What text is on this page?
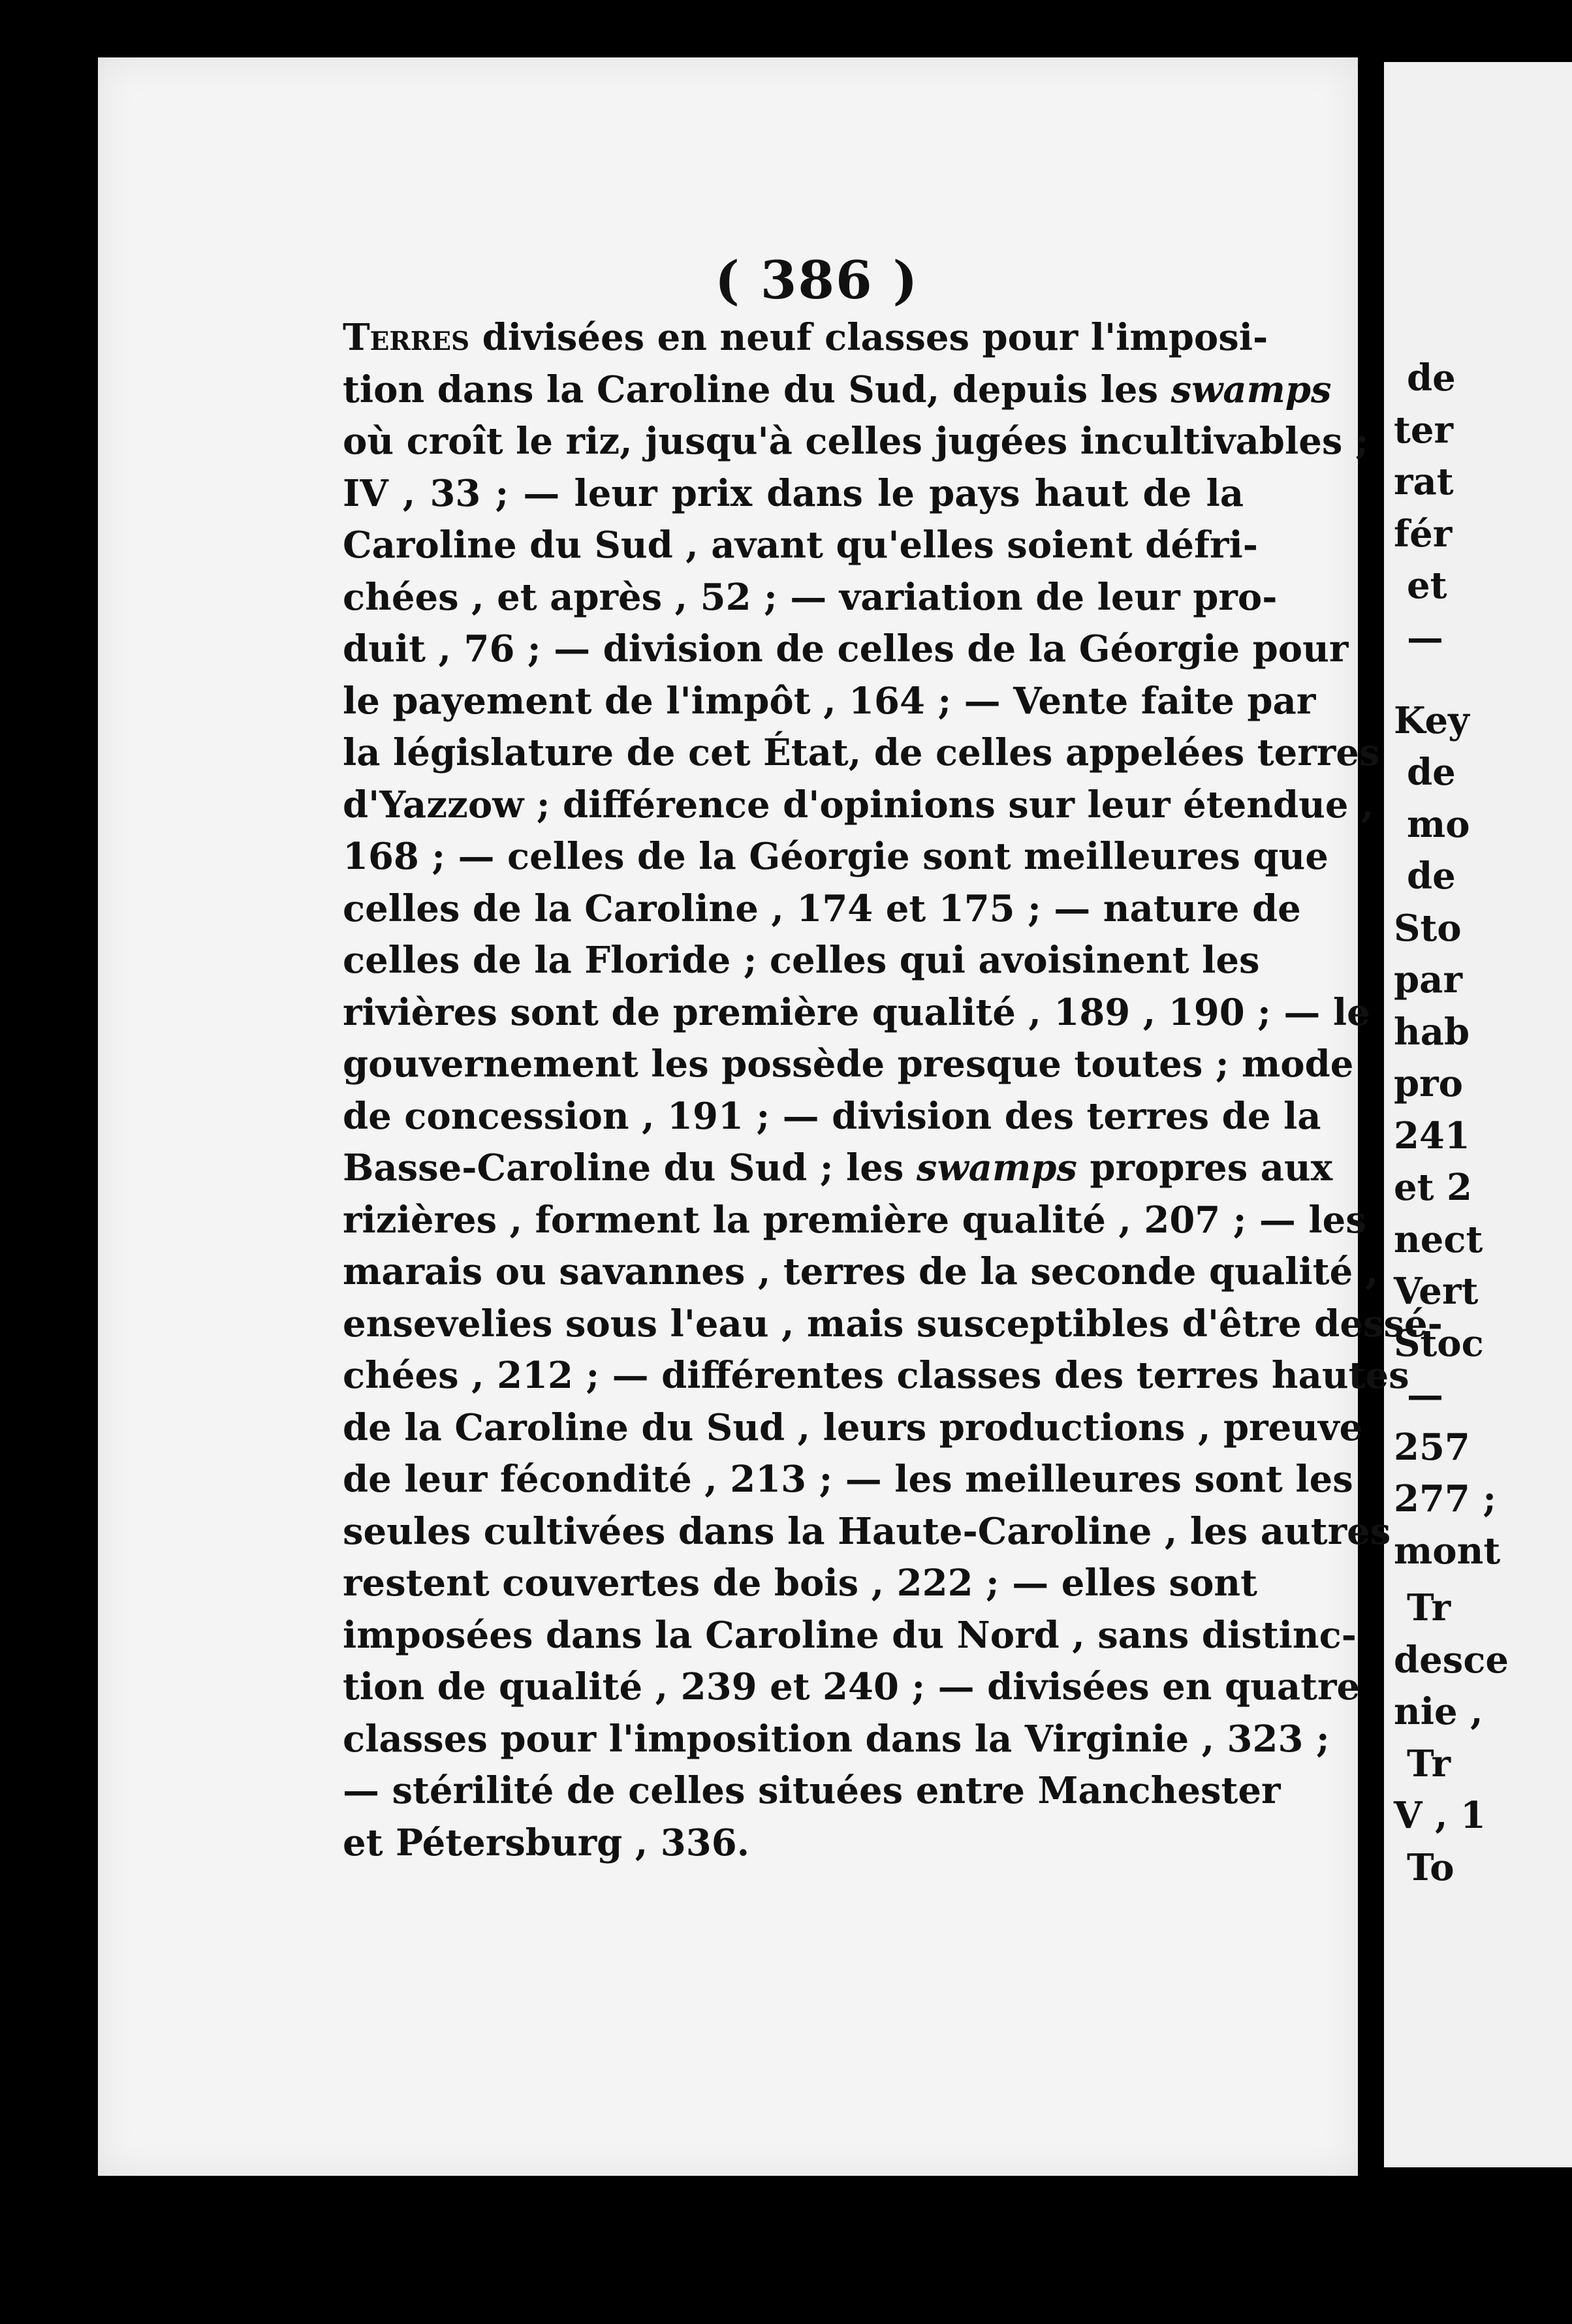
( 386 )
Terres divisées en neuf classes pour l'imposi-
tion dans la Caroline du Sud, depuis les swamps
où croît le riz, jusqu'à celles jugées incultivables ;
IV , 33 ; — leur prix dans le pays haut de la
Caroline du Sud , avant qu'elles soient défri-
chées , et après , 52 ; — variation de leur pro-
duit , 76 ; — division de celles de la Géorgie pour
le payement de l'impôt , 164 ; — Vente faite par
la législature de cet État, de celles appelées terres
d'Yazzow ; différence d'opinions sur leur étendue ,
168 ; — celles de la Géorgie sont meilleures que
celles de la Caroline , 174 et 175 ; — nature de
celles de la Floride ; celles qui avoisinent les
rivières sont de première qualité , 189 , 190 ; — le
gouvernement les possède presque toutes ; mode
de concession , 191 ; — division des terres de la
Basse-Caroline du Sud ; les swamps propres aux
rizières , forment la première qualité , 207 ; — les
marais ou savannes , terres de la seconde qualité ,
ensevelies sous l'eau , mais susceptibles d'être dessé-
chées , 212 ; — différentes classes des terres hautes
de la Caroline du Sud , leurs productions , preuve
de leur fécondité , 213 ; — les meilleures sont les
seules cultivées dans la Haute-Caroline , les autres
restent couvertes de bois , 222 ; — elles sont
imposées dans la Caroline du Nord , sans distinc-
tion de qualité , 239 et 240 ; — divisées en quatre
classes pour l'imposition dans la Virginie , 323 ;
— stérilité de celles situées entre Manchester
et Pétersburg , 336.
de
ter
rat
fér
et
—
Key
de
mo
de
Sto
par
hab
pro
241
et 2
nect
Vert
Stoc
—
257
277 ;
mont
Tr
desce
nie ,
Tr
V , 1
To
